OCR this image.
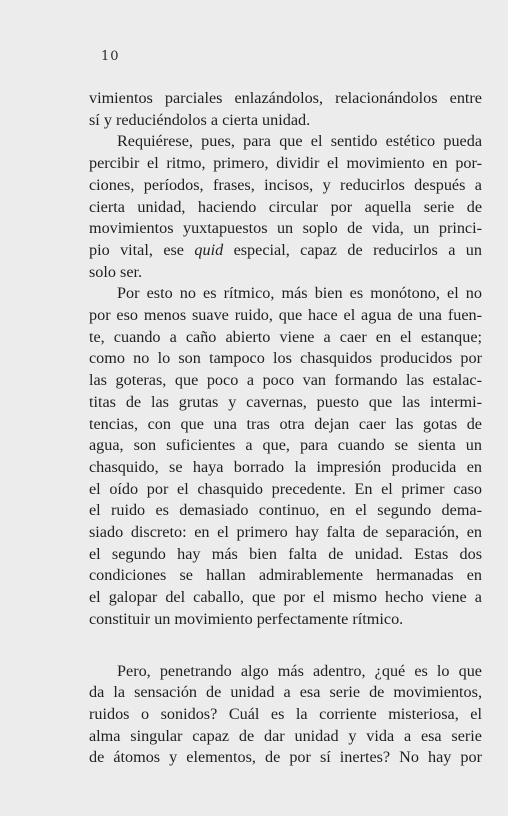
10
vimientos parciales enlazándolos, relacionándolos entre
sí y reduciéndolos a cierta unidad.
Requiérese, pues, para que el sentido estético pueda
percibir el ritmo, primero, dividir el movimiento en por-
ciones, períodos, frases, incisos, y reducirlos después a
cierta unidad, haciendo circular por aquella serie de
movimientos yuxtapuestos un soplo de vida, un princi-
pio vital, ese quid especial, capaz de reducirlos a un
solo ser.
Por esto no es rítmico, más bien es monótono, el no
por eso menos suave ruido, que hace el agua de una fuen-
te, cuando a caño abierto viene a caer en el estanque;
como no lo son tampoco los chasquidos producidos por
las goteras, que poco a poco van formando las estalac-
titas de las grutas y cavernas, puesto que las intermi-
tencias, con que una tras otra dejan caer las gotas de
agua, son suficientes a que, para cuando se sienta un
chasquido, se haya borrado la impresión producida en
el oído por el chasquido precedente. En el primer caso
el ruido es demasiado continuo, en el segundo dema-
siado discreto: en el primero hay falta de separación, en
el segundo hay más bien falta de unidad. Estas dos
condiciones se hallan admirablemente hermanadas en
el galopar del caballo, que por el mismo hecho viene a
constituir un movimiento perfectamente rítmico.
Pero, penetrando algo más adentro, ¿qué es lo que
da la sensación de unidad a esa serie de movimientos,
ruidos o sonidos? Cuál es la corriente misteriosa, el
alma singular capaz de dar unidad y vida a esa serie
de átomos y elementos, de por sí inertes? No hay por
